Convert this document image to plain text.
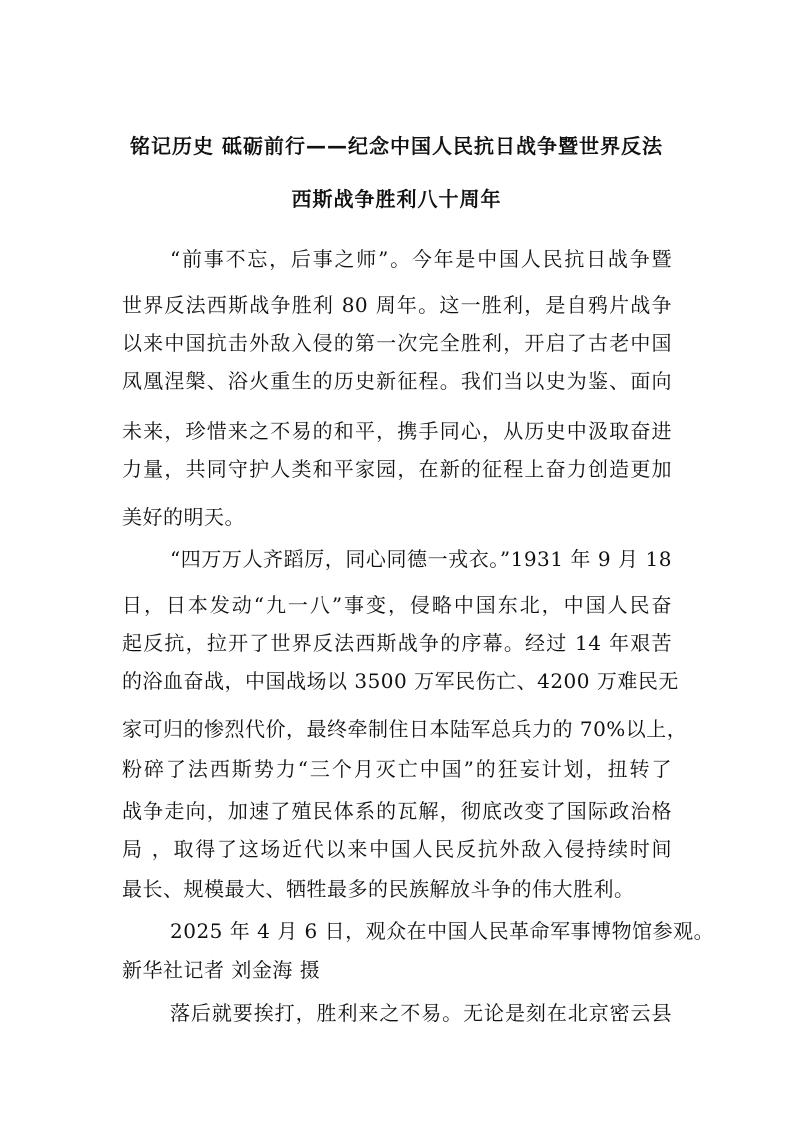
铭记历史 砥砺前行——纪念中国人民抗日战争暨世界反法
西斯战争胜利八十周年
“前事不忘，后事之师”。今年是中国人民抗日战争暨
世界反法西斯战争胜利 80 周年。这一胜利，是自鸦片战争
以来中国抗击外敌入侵的第一次完全胜利，开启了古老中国
凤凰涅槃、浴火重生的历史新征程。我们当以史为鉴、面向
未来，珍惜来之不易的和平，携手同心，从历史中汲取奋进
力量，共同守护人类和平家园，在新的征程上奋力创造更加
美好的明天。
“四万万人齐蹈厉，同心同德一戎衣。”1931 年 9 月 18
日，日本发动“九一八”事变，侵略中国东北，中国人民奋
起反抗，拉开了世界反法西斯战争的序幕。经过 14 年艰苦
的浴血奋战，中国战场以 3500 万军民伤亡、4200 万难民无
家可归的惨烈代价，最终牵制住日本陆军总兵力的 70%以上，
粉碎了法西斯势力“三个月灭亡中国”的狂妄计划，扭转了
战争走向，加速了殖民体系的瓦解，彻底改变了国际政治格
局 ，取得了这场近代以来中国人民反抗外敌入侵持续时间
最长、规模最大、牺牲最多的民族解放斗争的伟大胜利。
2025 年 4 月 6 日，观众在中国人民革命军事博物馆参观。
新华社记者 刘金海 摄
落后就要挨打，胜利来之不易。无论是刻在北京密云县
